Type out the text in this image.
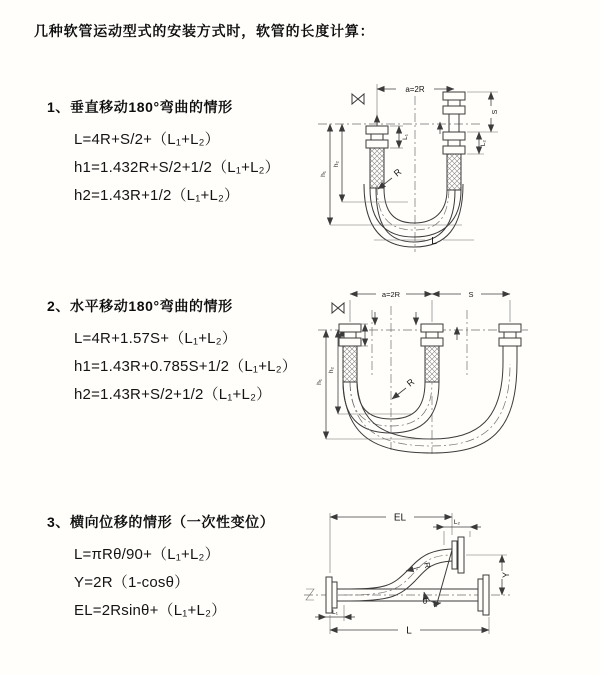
几种软管运动型式的安装方式时，软管的长度计算：
1、垂直移动180°弯曲的情形
L=4R+S/2+（L₁+L₂）
h1=1.432R+S/2+1/2（L₁+L₂）
h2=1.43R+1/2（L₁+L₂）
2、水平移动180°弯曲的情形
L=4R+1.57S+（L₁+L₂）
h1=1.43R+0.785S+1/2（L₁+L₂）
h2=1.43R+S/2+1/2（L₁+L₂）
3、横向位移的情形（一次性变位）
L=πRθ/90+（L₁+L₂）
Y=2R（1-cosθ）
EL=2Rsinθ+（L₁+L₂）
a=2R
L₁
S
L₂
R
h₂
h₁
L
a=2R	S
R
h₂
h₁
EL	L₂
Y
R
θ
L₁
L
